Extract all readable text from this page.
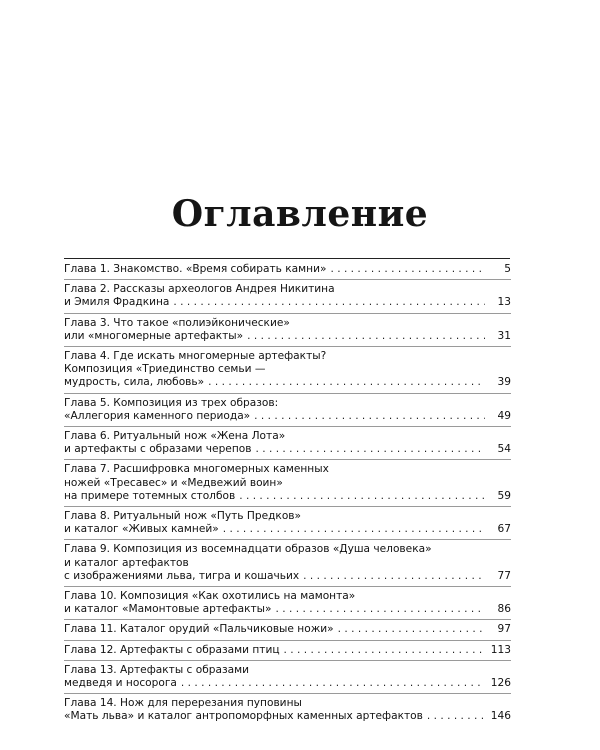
Оглавление
Глава 1. Знакомство. «Время собирать камни» . . .	5
Глава 2. Рассказы археологов Андрея Никитина
и Эмиля Фрадкина . . .	13
Глава 3. Что такое «полиэйконические»
или «многомерные артефакты» . . .	31
Глава 4. Где искать многомерные артефакты?
Композиция «Триединство семьи —
мудрость, сила, любовь» . . .	39
Глава 5. Композиция из трех образов:
«Аллегория каменного периода» . . .	49
Глава 6. Ритуальный нож «Жена Лота»
и артефакты с образами черепов . . .	54
Глава 7. Расшифровка многомерных каменных
ножей «Тресавес» и «Медвежий воин»
на примере тотемных столбов . . .	59
Глава 8. Ритуальный нож «Путь Предков»
и каталог «Живых камней» . . .	67
Глава 9. Композиция из восемнадцати образов «Душа человека»
и каталог артефактов
с изображениями льва, тигра и кошачьих . . .	77
Глава 10. Композиция «Как охотились на мамонта»
и каталог «Мамонтовые артефакты» . . .	86
Глава 11. Каталог орудий «Пальчиковые ножи» . . .	97
Глава 12. Артефакты с образами птиц . . .	113
Глава 13. Артефакты с образами
медведя и носорога . . .	126
Глава 14. Нож для перерезания пуповины
«Мать льва» и каталог антропоморфных каменных артефактов . . .	146
